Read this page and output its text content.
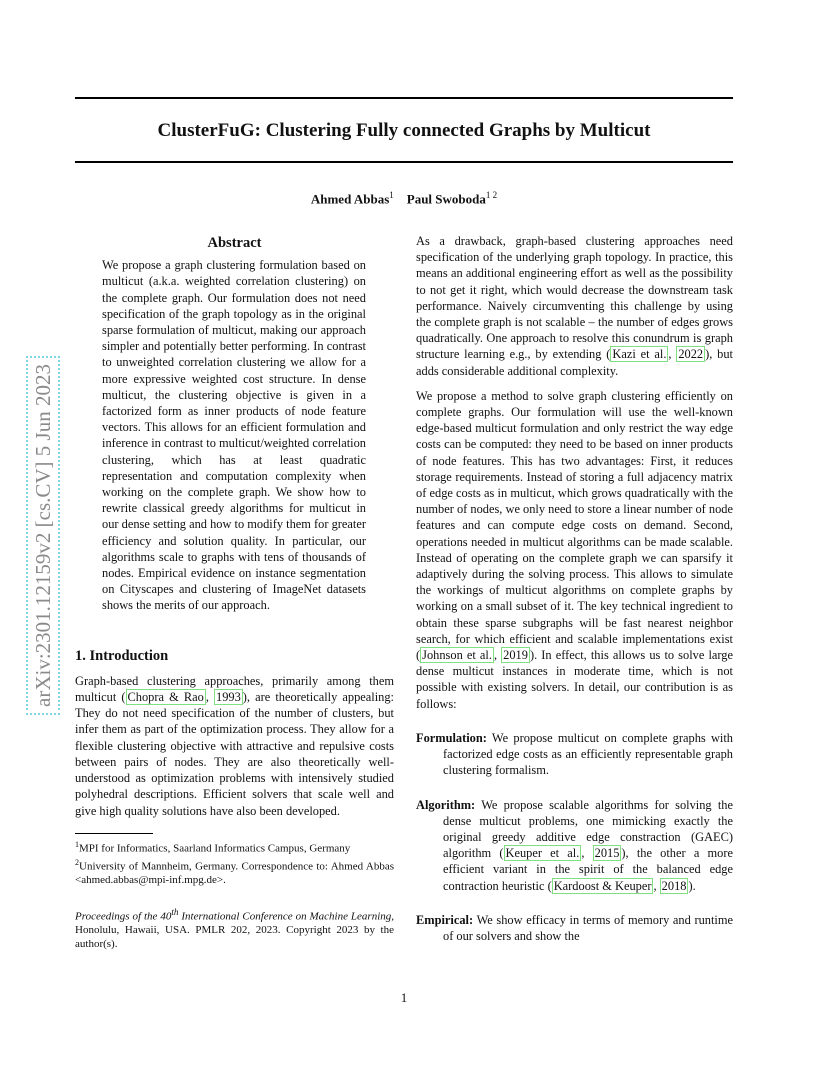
ClusterFuG: Clustering Fully connected Graphs by Multicut
Ahmed Abbas$^1$ Paul Swoboda$^{1 2}$
arXiv:2301.12159v2 [cs.CV] 5 Jun 2023
Abstract
We propose a graph clustering formulation based on multicut (a.k.a. weighted correlation clustering) on the complete graph. Our formulation does not need specification of the graph topology as in the original sparse formulation of multicut, making our approach simpler and potentially better performing. In contrast to unweighted correlation clustering we allow for a more expressive weighted cost structure. In dense multicut, the clustering objective is given in a factorized form as inner products of node feature vectors. This allows for an efficient formulation and inference in contrast to multicut/weighted correlation clustering, which has at least quadratic representation and computation complexity when working on the complete graph. We show how to rewrite classical greedy algorithms for multicut in our dense setting and how to modify them for greater efficiency and solution quality. In particular, our algorithms scale to graphs with tens of thousands of nodes. Empirical evidence on instance segmentation on Cityscapes and clustering of ImageNet datasets shows the merits of our approach.
1. Introduction

Graph-based clustering approaches, primarily among them multicut ( Chopra & Rao , 1993 ), are theoretically appealing: They do not need specification of the number of clusters, but infer them as part of the optimization process. They allow for a flexible clustering objective with attractive and repulsive costs between pairs of nodes. They are also theoretically well-understood as optimization problems with intensively studied polyhedral descriptions. Efficient solvers that scale well and give high quality solutions have also been developed.

$^1$MPI for Informatics, Saarland Informatics Campus, Germany
$^2$University of Mannheim, Germany. Correspondence to: Ahmed Abbas <ahmed.abbas@mpi-inf.mpg.de>.
Proceedings of the 40th International Conference on Machine Learning, Honolulu, Hawaii, USA. PMLR 202, 2023. Copyright 2023 by the author(s).

As a drawback, graph-based clustering approaches need specification of the underlying graph topology. In practice, this means an additional engineering effort as well as the possibility to not get it right, which would decrease the downstream task performance. Naively circumventing this challenge by using the complete graph is not scalable – the number of edges grows quadratically. One approach to resolve this conundrum is graph structure learning e.g., by extending ( Kazi et al. , 2022 ), but adds considerable additional complexity.

We propose a method to solve graph clustering efficiently on complete graphs. Our formulation will use the well-known edge-based multicut formulation and only restrict the way edge costs can be computed: they need to be based on inner products of node features. This has two advantages: First, it reduces storage requirements. Instead of storing a full adjacency matrix of edge costs as in multicut, which grows quadratically with the number of nodes, we only need to store a linear number of node features and can compute edge costs on demand. Second, operations needed in multicut algorithms can be made scalable. Instead of operating on the complete graph we can sparsify it adaptively during the solving process. This allows to simulate the workings of multicut algorithms on complete graphs by working on a small subset of it. The key technical ingredient to obtain these sparse subgraphs will be fast nearest neighbor search, for which efficient and scalable implementations exist ( Johnson et al. , 2019 ). In effect, this allows us to solve large dense multicut instances in moderate time, which is not possible with existing solvers. In detail, our contribution is as follows:

Formulation: We propose multicut on complete graphs with factorized edge costs as an efficiently representable graph clustering formalism.

Algorithm: We propose scalable algorithms for solving the dense multicut problems, one mimicking exactly the original greedy additive edge constraction (GAEC) algorithm ( Keuper et al. , 2015 ), the other a more efficient variant in the spirit of the balanced edge contraction heuristic ( Kardoost & Keuper , 2018 ).

Empirical: We show efficacy in terms of memory and runtime of our solvers and show the

1
